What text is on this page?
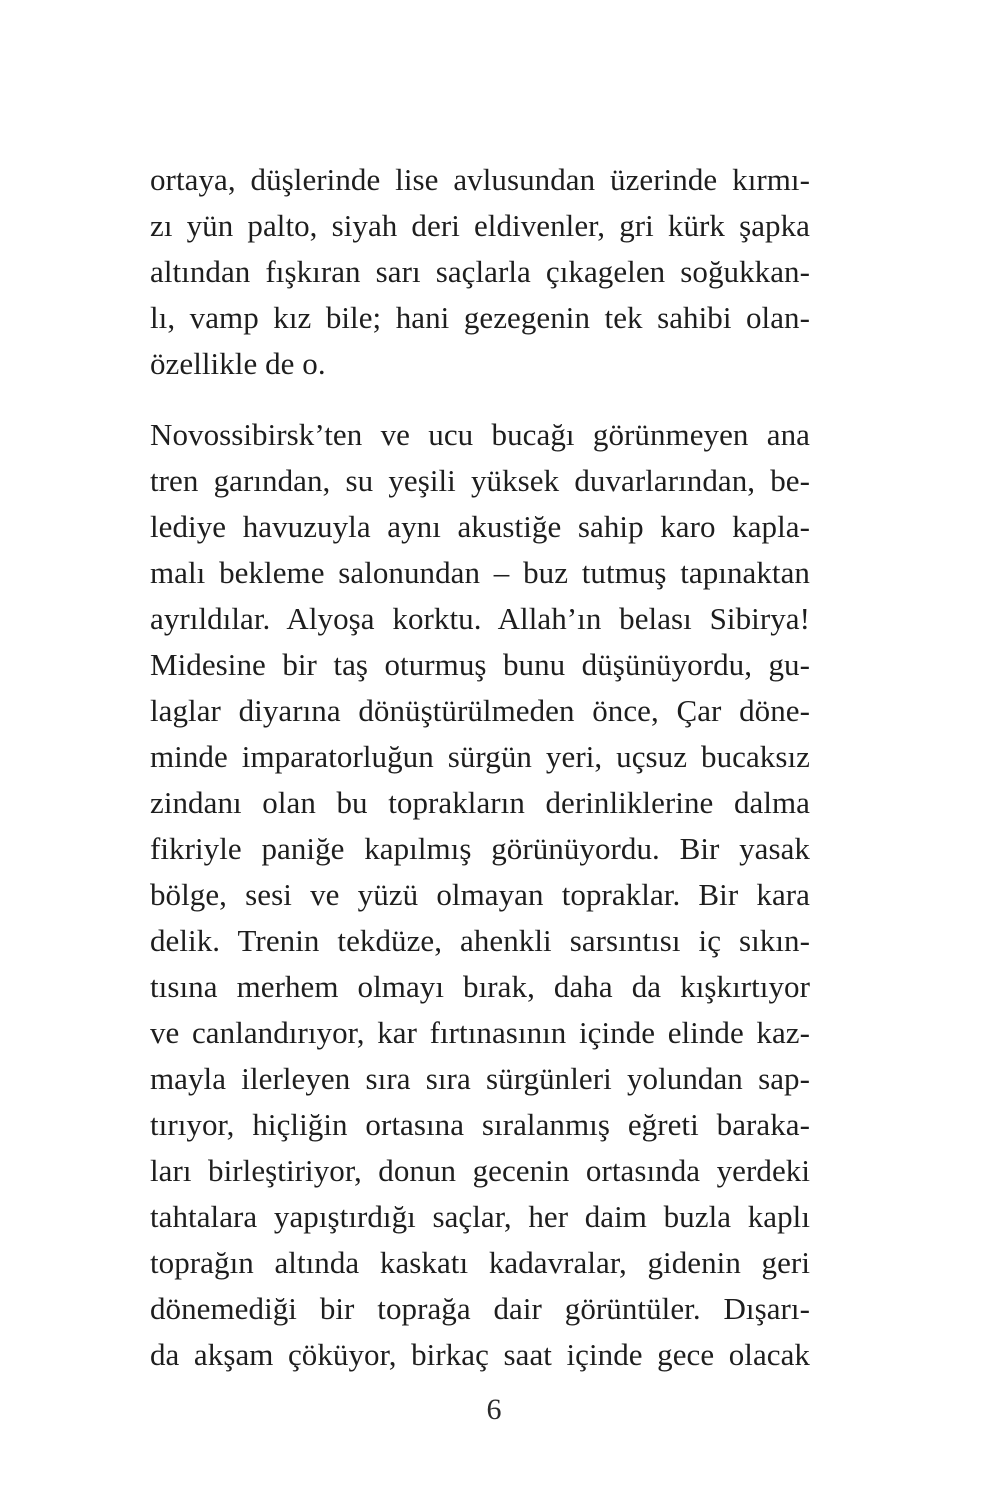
ortaya, düşlerinde lise avlusundan üzerinde kırmı-
zı yün palto, siyah deri eldivenler, gri kürk şapka
altından fışkıran sarı saçlarla çıkagelen soğukkan-
lı, vamp kız bile; hani gezegenin tek sahibi olan-
özellikle de o.
Novossibirsk’ten ve ucu bucağı görünmeyen ana
tren garından, su yeşili yüksek duvarlarından, be-
lediye havuzuyla aynı akustiğe sahip karo kapla-
malı bekleme salonundan – buz tutmuş tapınaktan
ayrıldılar. Alyoşa korktu. Allah’ın belası Sibirya!
Midesine bir taş oturmuş bunu düşünüyordu, gu-
laglar diyarına dönüştürülmeden önce, Çar döne-
minde imparatorluğun sürgün yeri, uçsuz bucaksız
zindanı olan bu toprakların derinliklerine dalma
fikriyle paniğe kapılmış görünüyordu. Bir yasak
bölge, sesi ve yüzü olmayan topraklar. Bir kara
delik. Trenin tekdüze, ahenkli sarsıntısı iç sıkın-
tısına merhem olmayı bırak, daha da kışkırtıyor
ve canlandırıyor, kar fırtınasının içinde elinde kaz-
mayla ilerleyen sıra sıra sürgünleri yolundan sap-
tırıyor, hiçliğin ortasına sıralanmış eğreti baraka-
ları birleştiriyor, donun gecenin ortasında yerdeki
tahtalara yapıştırdığı saçlar, her daim buzla kaplı
toprağın altında kaskatı kadavralar, gidenin geri
dönemediği bir toprağa dair görüntüler. Dışarı-
da akşam çöküyor, birkaç saat içinde gece olacak
6
